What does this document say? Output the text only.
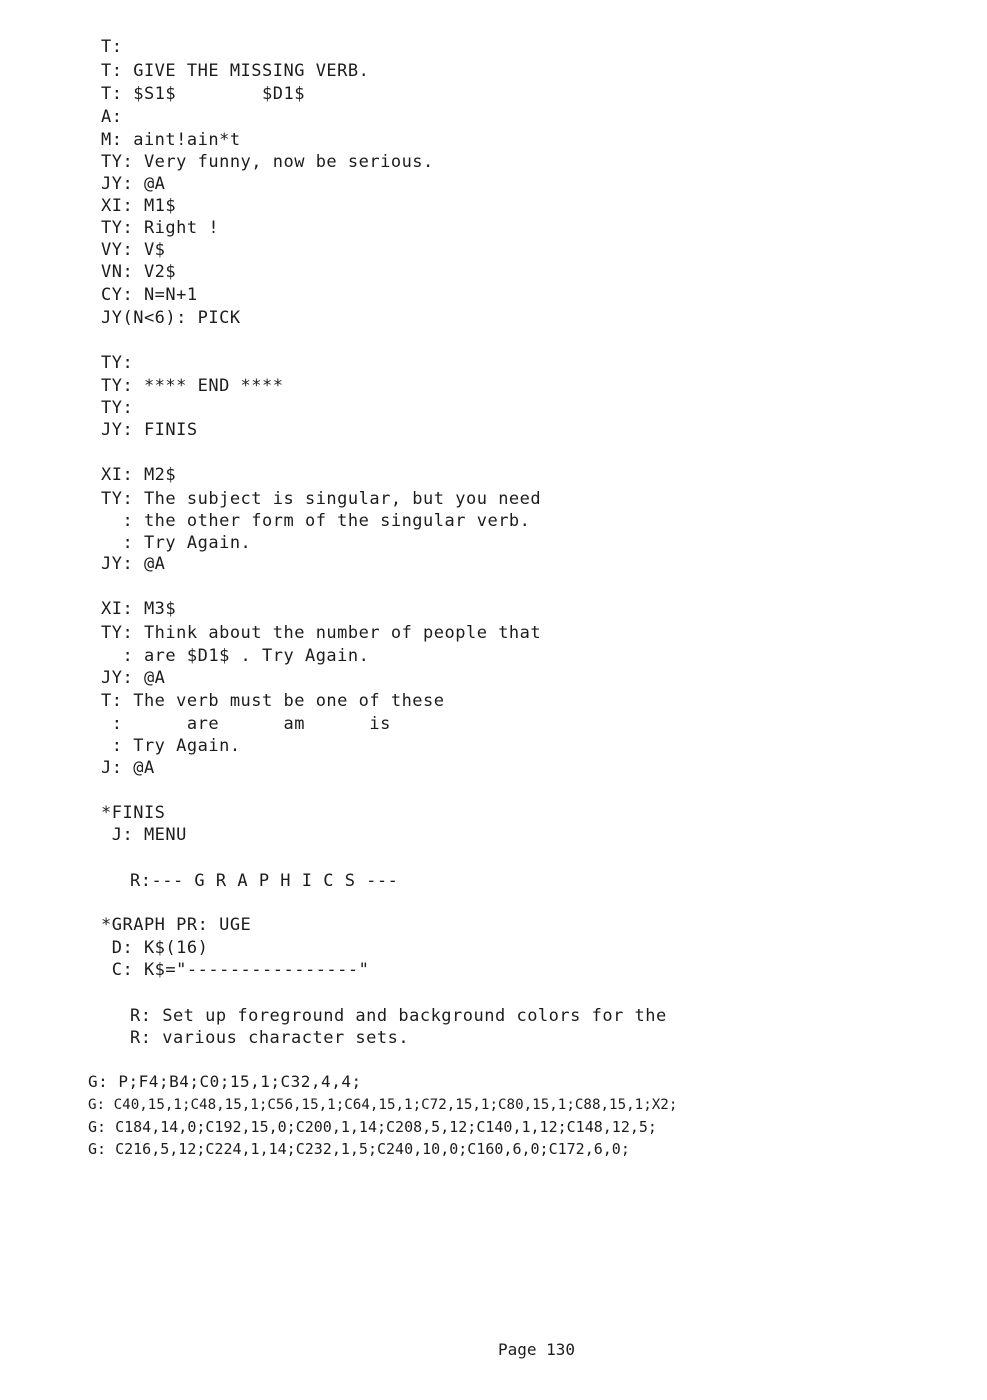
T:
T: GIVE THE MISSING VERB.
T: $S1$        $D1$
A:
M: aint!ain*t
TY: Very funny, now be serious.
JY: @A
XI: M1$
TY: Right !
VY: V$
VN: V2$
CY: N=N+1
JY(N<6): PICK
TY:
TY: **** END ****
TY:
JY: FINIS
XI: M2$
TY: The subject is singular, but you need
: the other form of the singular verb.
: Try Again.
JY: @A
XI: M3$
TY: Think about the number of people that
: are $D1$ . Try Again.
JY: @A
T: The verb must be one of these
:      are      am      is
: Try Again.
J: @A
*FINIS
J: MENU
R:--- G R A P H I C S ---
*GRAPH PR: UGE
D: K$(16)
C: K$="----------------"
R: Set up foreground and background colors for the
R: various character sets.
G: P;F4;B4;C0;15,1;C32,4,4;
G: C40,15,1;C48,15,1;C56,15,1;C64,15,1;C72,15,1;C80,15,1;C88,15,1;X2;
G: C184,14,0;C192,15,0;C200,1,14;C208,5,12;C140,1,12;C148,12,5;
G: C216,5,12;C224,1,14;C232,1,5;C240,10,0;C160,6,0;C172,6,0;
Page 130
